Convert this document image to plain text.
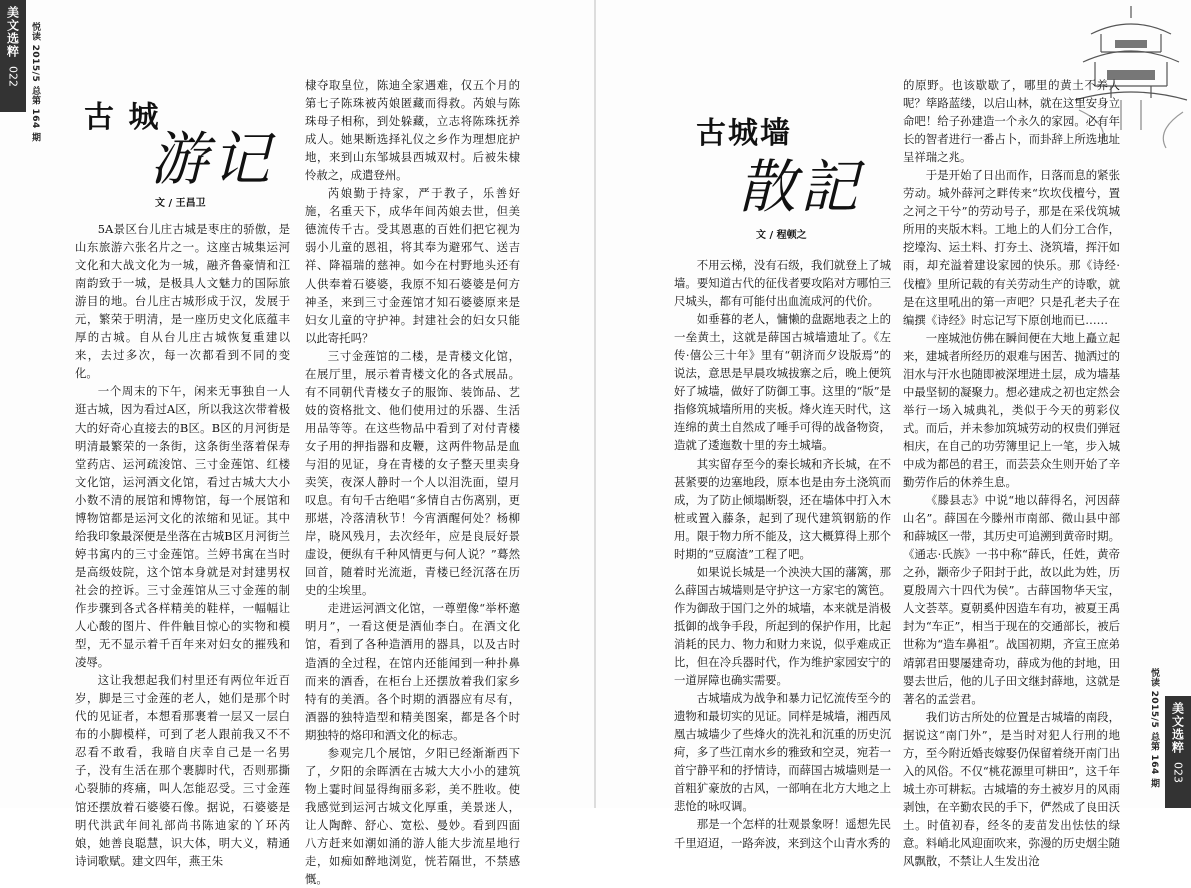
美文选粹
022 悦读 2015/5 总第 164 期 古 城
游记
文 / 王昌卫

5A景区台儿庄古城是枣庄的骄傲，是山东旅游六张名片之一。这座古城集运河文化和大战文化为一城，融齐鲁豪情和江南韵致于一城，是极具人文魅力的国际旅游目的地。台儿庄古城形成于汉，发展于元，繁荣于明清，是一座历史文化底蕴丰厚的古城。自从台儿庄古城恢复重建以来，去过多次，每一次都看到不同的变化。

一个周末的下午，闲来无事独自一人逛古城，因为看过A区，所以我这次带着极大的好奇心直接去的B区。B区的月河街是明清最繁荣的一条街，这条街坐落着保寿堂药店、运河疏浚馆、三寸金莲馆、红楼文化馆，运河酒文化馆，看过古城大大小小数不清的展馆和博物馆，每一个展馆和博物馆都是运河文化的浓缩和见证。其中给我印象最深便是坐落在古城B区月河街兰婷书寓内的三寸金莲馆。兰婷书寓在当时是高级妓院，这个馆本身就是对封建男权社会的控诉。三寸金莲馆从三寸金莲的制作步骤到各式各样精美的鞋样，一幅幅让人心酸的图片、件件触目惊心的实物和模型，无不显示着千百年来对妇女的摧残和凌辱。

这让我想起我们村里还有两位年近百岁，脚是三寸金莲的老人，她们是那个时代的见证者，本想看那裹着一层又一层白布的小脚模样，可到了老人跟前我又不不忍看不敢看，我暗自庆幸自己是一名男子，没有生活在那个裹脚时代，否则那撕心裂肺的疼痛，叫人怎能忍受。三寸金莲馆还摆放着石婆婆石像。据说，石婆婆是明代洪武年间礼部尚书陈迪家的丫环芮娘，她善良聪慧，识大体，明大义，精通诗词歌赋。建文四年，燕王朱

棣夺取皇位，陈迪全家遇难，仅五个月的第七子陈珠被芮娘匿藏而得救。芮娘与陈珠母子相称，到处躲藏，立志将陈珠抚养成人。她果断选择礼仪之乡作为理想庇护地，来到山东邹城县西城双村。后被朱棣怜赦之，成遣登州。

芮娘勤于持家，严于教子，乐善好施，名重天下，成华年间芮娘去世，但美德流传千古。受其恩惠的百姓们把它视为弱小儿童的恩祖，将其奉为避邪气、送吉祥、降福瑞的慈神。如今在村野地头还有人供奉着石婆婆，我原不知石婆婆是何方神圣，来到三寸金莲馆才知石婆婆原来是妇女儿童的守护神。封建社会的妇女只能以此寄托吗？

三寸金莲馆的二楼，是青楼文化馆，在展厅里，展示着青楼文化的各式展品。有不同朝代青楼女子的服饰、装饰品、艺妓的资格批文、他们使用过的乐器、生活用品等等。在这些物品中看到了对付青楼女子用的押指器和皮鞭，这两件物品是血与泪的见证，身在青楼的女子整天里卖身卖笑，夜深人静时一个人以泪洗面，望月叹息。有句千古绝唱“多情自古伤离别，更那堪，冷落清秋节！今宵酒醒何处？杨柳岸，晓风残月，去次经年，应是良辰好景虚设，便纵有千种风情更与何人说？”蓦然回首，随着时光流逝，青楼已经沉落在历史的尘埃里。

走进运河酒文化馆，一尊塑像“举杯邀明月”，一看这便是酒仙李白。在酒文化馆，看到了各种造酒用的器具，以及古时造酒的全过程，在馆内还能闻到一种扑鼻而来的酒香，在柜台上还摆放着我们家乡特有的美酒。各个时期的酒器应有尽有，酒器的独特造型和精美图案，都是各个时期独特的烙印和酒文化的标志。

参观完几个展馆，夕阳已经渐渐西下了，夕阳的余晖洒在古城大大小小的建筑物上霎时间显得绚丽多彩，美不胜收。使我感觉到运河古城文化厚重，美景迷人，让人陶醉、舒心、宽松、曼妙。看到四面八方赶来如潮如涌的游人能大步流星地行走，如痴如醉地浏览，恍若隔世，不禁感慨。

古城墙
散記
文 / 程顿之

不用云梯，没有石级，我们就登上了城墙。要知道古代的征伐者要攻陷对方哪怕三尺城头，都有可能付出血流成河的代价。

如垂暮的老人，慵懒的盘踞地表之上的一垒黄土，这就是薛国古城墙遗址了。《左传·僖公三十年》里有“朝济而夕设版焉”的说法，意思是早晨攻城拔寨之后，晚上便筑好了城墙，做好了防御工事。这里的“版”是指修筑城墙所用的夹板。烽火连天时代，这连绵的黄土自然成了唾手可得的战备物资，造就了逶迤数十里的夯土城墙。

其实留存至今的秦长城和齐长城，在不甚紧要的边塞地段，原本也是由夯土浇筑而成，为了防止倾塌断裂，还在墙体中打入木桩或置入藤条，起到了现代建筑钢筋的作用。限于物力所不能及，这大概算得上那个时期的“豆腐渣”工程了吧。

如果说长城是一个泱泱大国的藩篱，那么薛国古城墙则是守护这一方家宅的篱笆。作为御敌于国门之外的城墙，本来就是消极抵御的战争手段，所起到的保护作用，比起消耗的民力、物力和财力来说，似乎难成正比，但在冷兵器时代，作为维护家园安宁的一道屏障也确实需要。

古城墙成为战争和暴力记忆流传至今的遗物和最切实的见证。同样是城墙，湘西凤凰古城墙少了些烽火的洗礼和沉重的历史沉疴，多了些江南水乡的雅致和空灵，宛若一首宁静平和的抒情诗，而薛国古城墙则是一首粗犷豪放的古风，一部响在北方大地之上悲怆的咏叹调。

那是一个怎样的壮观景象呀！遥想先民千里迢迢，一路奔波，来到这个山青水秀的

的原野。也该歇歇了，哪里的黄土不养人呢？筚路蓝缕，以启山林，就在这里安身立命吧！给子孙建造一个永久的家园。必有年长的智者进行一番占卜，而卦辞上所选地址呈祥瑞之兆。

于是开始了日出而作，日落而息的紧张劳动。城外薛河之畔传来“坎坎伐檀兮，置之河之干兮”的劳动号子，那是在采伐筑城所用的夹版木料。工地上的人们分工合作，挖壕沟、运土料、打夯土、浇筑墙，挥汗如雨，却充溢着建设家园的快乐。那《诗经·伐檀》里所记载的有关劳动生产的诗歌，就是在这里吼出的第一声吧？只是孔老夫子在编撰《诗经》时忘记写下原创地而已……

一座城池仿佛在瞬间便在大地上矗立起来，建城者所经历的艰难与困苦、抛洒过的泪水与汗水也随即被深埋进土层，成为墙基中最坚韧的凝聚力。想必建成之初也定然会举行一场入城典礼，类似于今天的剪彩仪式。而后，并未参加筑城劳动的权贵们弹冠相庆，在自己的功劳簿里记上一笔，步入城中成为都邑的君王，而芸芸众生则开始了辛勤劳作后的休养生息。

《滕县志》中说“地以薛得名，河因薛山名”。薛国在今滕州市南部、微山县中部和薛城区一带，其历史可追溯到黄帝时期。《通志·氏族》一书中称“薛氏，任姓，黄帝之孙，颛帝少子阳封于此，故以此为姓，历夏殷周六十四代为侯”。古薛国物华天宝，人文荟萃。夏朝奚仲因造车有功，被夏王禹封为“车正”，相当于现在的交通部长，被后世称为“造车鼻祖”。战国初期，齐宣王庶弟靖郭君田婴屡建奇功，薛成为他的封地，田婴去世后，他的儿子田文继封薛地，这就是著名的孟尝君。

我们访古所处的位置是古城墙的南段，据说这“南门外”，是当时对犯人行刑的地方，至今附近婚丧嫁娶仍保留着绕开南门出入的风俗。不仅“桃花源里可耕田”，这千年城土亦可耕耘。古城墙的夯土被岁月的风雨剥蚀，在辛勤农民的手下，俨然成了良田沃土。时值初春，经冬的麦苗发出怯怯的绿意。料峭北风迎面吹来，弥漫的历史烟尘随风飘散，不禁让人生发出沧

悦读 2015/5 总第 164 期 美文选粹
023
